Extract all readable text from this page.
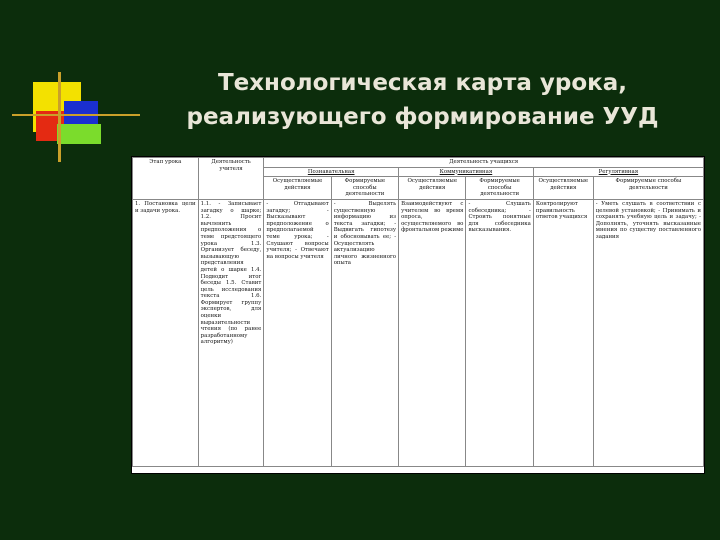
Технологическая карта урока,
реализующего формирование УУД
Этап урока	Деятельность учителя	Деятельность учащихся					
		Познавательная		Коммуникативная		Регулятивная	
		Осуществляемые действия	Формируемые способы деятельности	Осуществляемые действия	Формируемые способы деятельности	Осуществляемые действия	Формируемые способы деятельности
1. Постановка цели и задачи урока.	1.1. - Записывает загадку о шарке; 1.2. Просит вычленить предположения о теме предстоящего урока 1.3. Организует беседу, вызывающую представления детей о шарке 1.4. Подводит итог беседы 1.5. Ставит цель исследования текста 1.6. Формирует группу экспертов, для оценки выразительности чтения (по ранее разработанному алгоритму)	- Отгадывают загадку; - Высказывают предположение о предполагаемой теме урока; - Слушают вопросы учителя; - Отвечают на вопросы учителя	- Выделять существенную информацию из текста загадки; - Выдвигать гипотезу и обосновывать ее; - Осуществлять актуализацию личного жизненного опыта	Взаимодействуют с учителем во время опроса, осуществляемого во фронтальном режиме	- Слушать собеседника; - Строить понятные для собеседника высказывания.	Контролируют правильность ответов учащихся	- Уметь слушать в соответствии с целевой установкой; - Принимать и сохранять учебную цель и задачу; - Дополнять, уточнять высказанные мнения по существу поставленного задания
